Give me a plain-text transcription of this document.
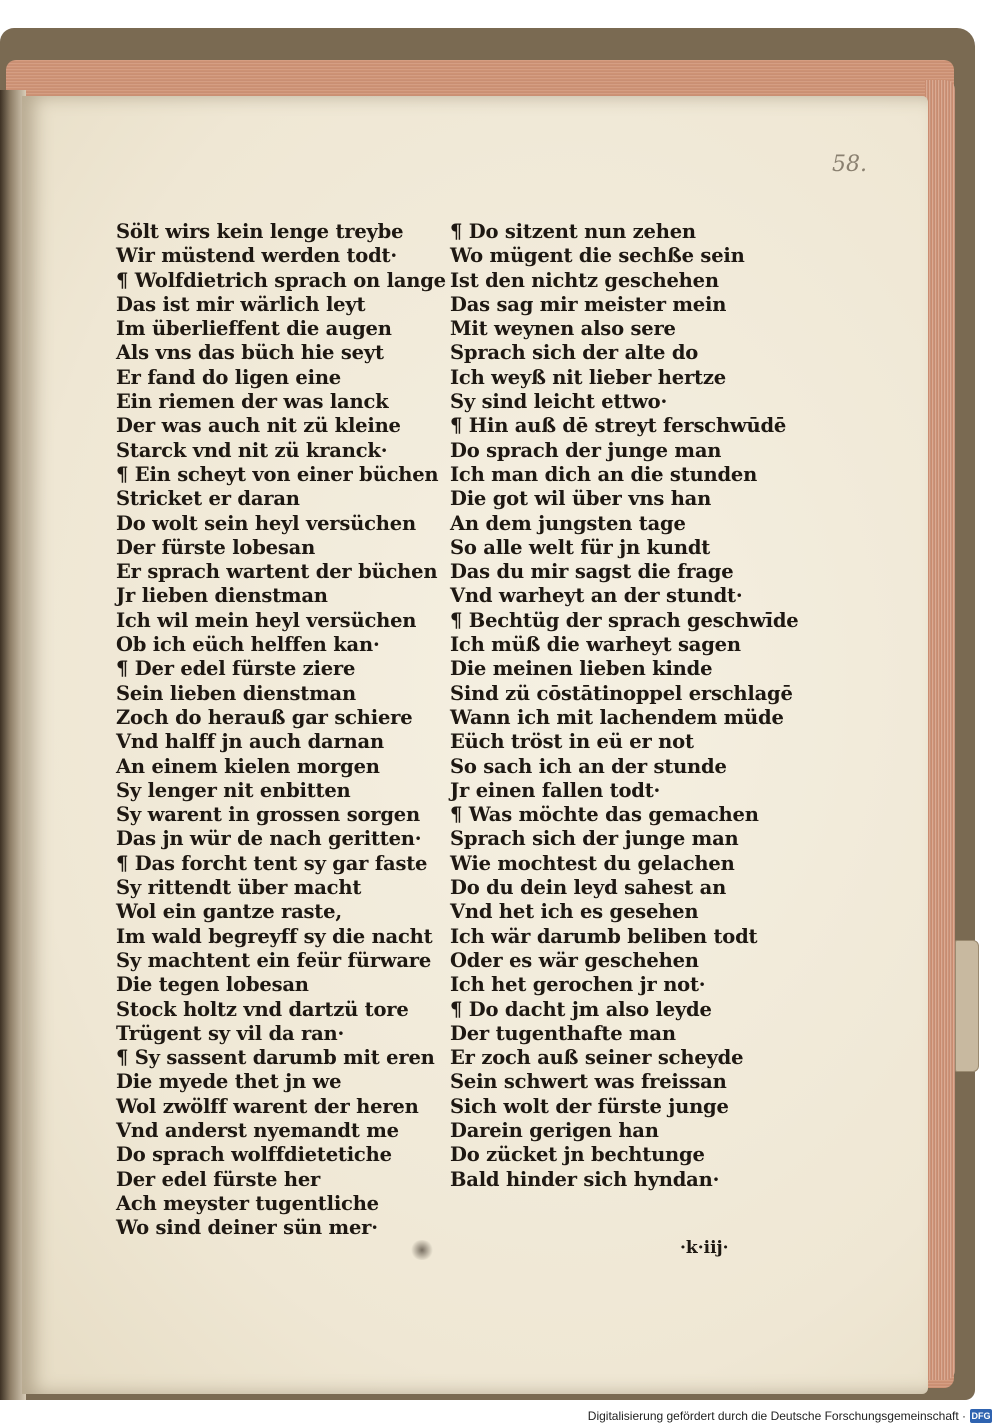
58.
Sölt wirs kein lenge treybe
Wir müstend werden todt·
¶ Wolfdietrich sprach on lange
Das ist mir wärlich leyt
Im überlieffent die augen
Als vns das büch hie seyt
Er fand do ligen eine
Ein riemen der was lanck
Der was auch nit zü kleine
Starck vnd nit zü kranck·
¶ Ein scheyt von einer büchen
Stricket er daran
Do wolt sein heyl versüchen
Der fürste lobesan
Er sprach wartent der büchen
Jr lieben dienstman
Ich wil mein heyl versüchen
Ob ich eüch helffen kan·
¶ Der edel fürste ziere
Sein lieben dienstman
Zoch do herauß gar schiere
Vnd halff jn auch darnan
An einem kielen morgen
Sy lenger nit enbitten
Sy warent in grossen sorgen
Das jn wür de nach geritten·
¶ Das forcht tent sy gar faste
Sy rittendt über macht
Wol ein gantze raste,
Im wald begreyff sy die nacht
Sy machtent ein feür fürware
Die tegen lobesan
Stock holtz vnd dartzü tore
Trügent sy vil da ran·
¶ Sy sassent darumb mit eren
Die myede thet jn we
Wol zwölff warent der heren
Vnd anderst nyemandt me
Do sprach wolffdietetiche
Der edel fürste her
Ach meyster tugentliche
Wo sind deiner sün mer·
¶ Do sitzent nun zehen
Wo mügent die sechße sein
Ist den nichtz geschehen
Das sag mir meister mein
Mit weynen also sere
Sprach sich der alte do
Ich weyß nit lieber hertze
Sy sind leicht ettwo·
¶ Hin auß dē streyt ferschwūdē
Do sprach der junge man
Ich man dich an die stunden
Die got wil über vns han
An dem jungsten tage
So alle welt für jn kundt
Das du mir sagst die frage
Vnd warheyt an der stundt·
¶ Bechtüg der sprach geschwīde
Ich müß die warheyt sagen
Die meinen lieben kinde
Sind zü cōstātinoppel erschlagē
Wann ich mit lachendem müde
Eüch tröst in eü er not
So sach ich an der stunde
Jr einen fallen todt·
¶ Was möchte das gemachen
Sprach sich der junge man
Wie mochtest du gelachen
Do du dein leyd sahest an
Vnd het ich es gesehen
Ich wär darumb beliben todt
Oder es wär geschehen
Ich het gerochen jr not·
¶ Do dacht jm also leyde
Der tugenthafte man
Er zoch auß seiner scheyde
Sein schwert was freissan
Sich wolt der fürste junge
Darein gerigen han
Do zücket jn bechtunge
Bald hinder sich hyndan·
·k·iij·
Digitalisierung gefördert durch die Deutsche Forschungsgemeinschaft · DFG
